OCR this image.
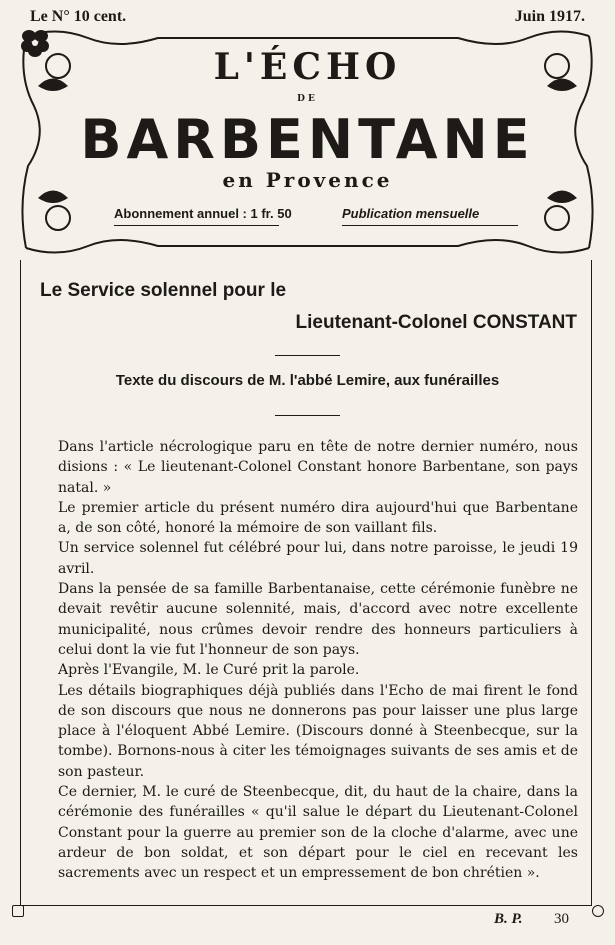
Le N° 10 cent.	Juin 1917.
L'ÉCHO
DE
BARBENTANE
en Provence
Abonnement annuel : 1 fr. 50	Publication mensuelle
Le Service solennel pour le
Lieutenant-Colonel CONSTANT
Texte du discours de M. l'abbé Lemire, aux funérailles

Dans l'article nécrologique paru en tête de notre dernier numéro, nous disions : « Le lieutenant-Colonel Constant honore Barbentane, son pays natal. »

Le premier article du présent numéro dira aujourd'hui que Barbentane a, de son côté, honoré la mémoire de son vaillant fils.

Un service solennel fut célébré pour lui, dans notre paroisse, le jeudi 19 avril.

Dans la pensée de sa famille Barbentanaise, cette cérémonie funèbre ne devait revêtir aucune solennité, mais, d'accord avec notre excellente municipalité, nous crûmes devoir rendre des honneurs particuliers à celui dont la vie fut l'honneur de son pays.

Après l'Evangile, M. le Curé prit la parole.

Les détails biographiques déjà publiés dans l'Echo de mai firent le fond de son discours que nous ne donnerons pas pour laisser une plus large place à l'éloquent Abbé Lemire. (Discours donné à Steenbecque, sur la tombe). Bornons-nous à citer les témoignages suivants de ses amis et de son pasteur.

Ce dernier, M. le curé de Steenbecque, dit, du haut de la chaire, dans la cérémonie des funérailles « qu'il salue le départ du Lieutenant-Colonel Constant pour la guerre au premier son de la cloche d'alarme, avec une ardeur de bon soldat, et son départ pour le ciel en recevant les sacrements avec un respect et un empressement de bon chrétien ».

B. P. 30
